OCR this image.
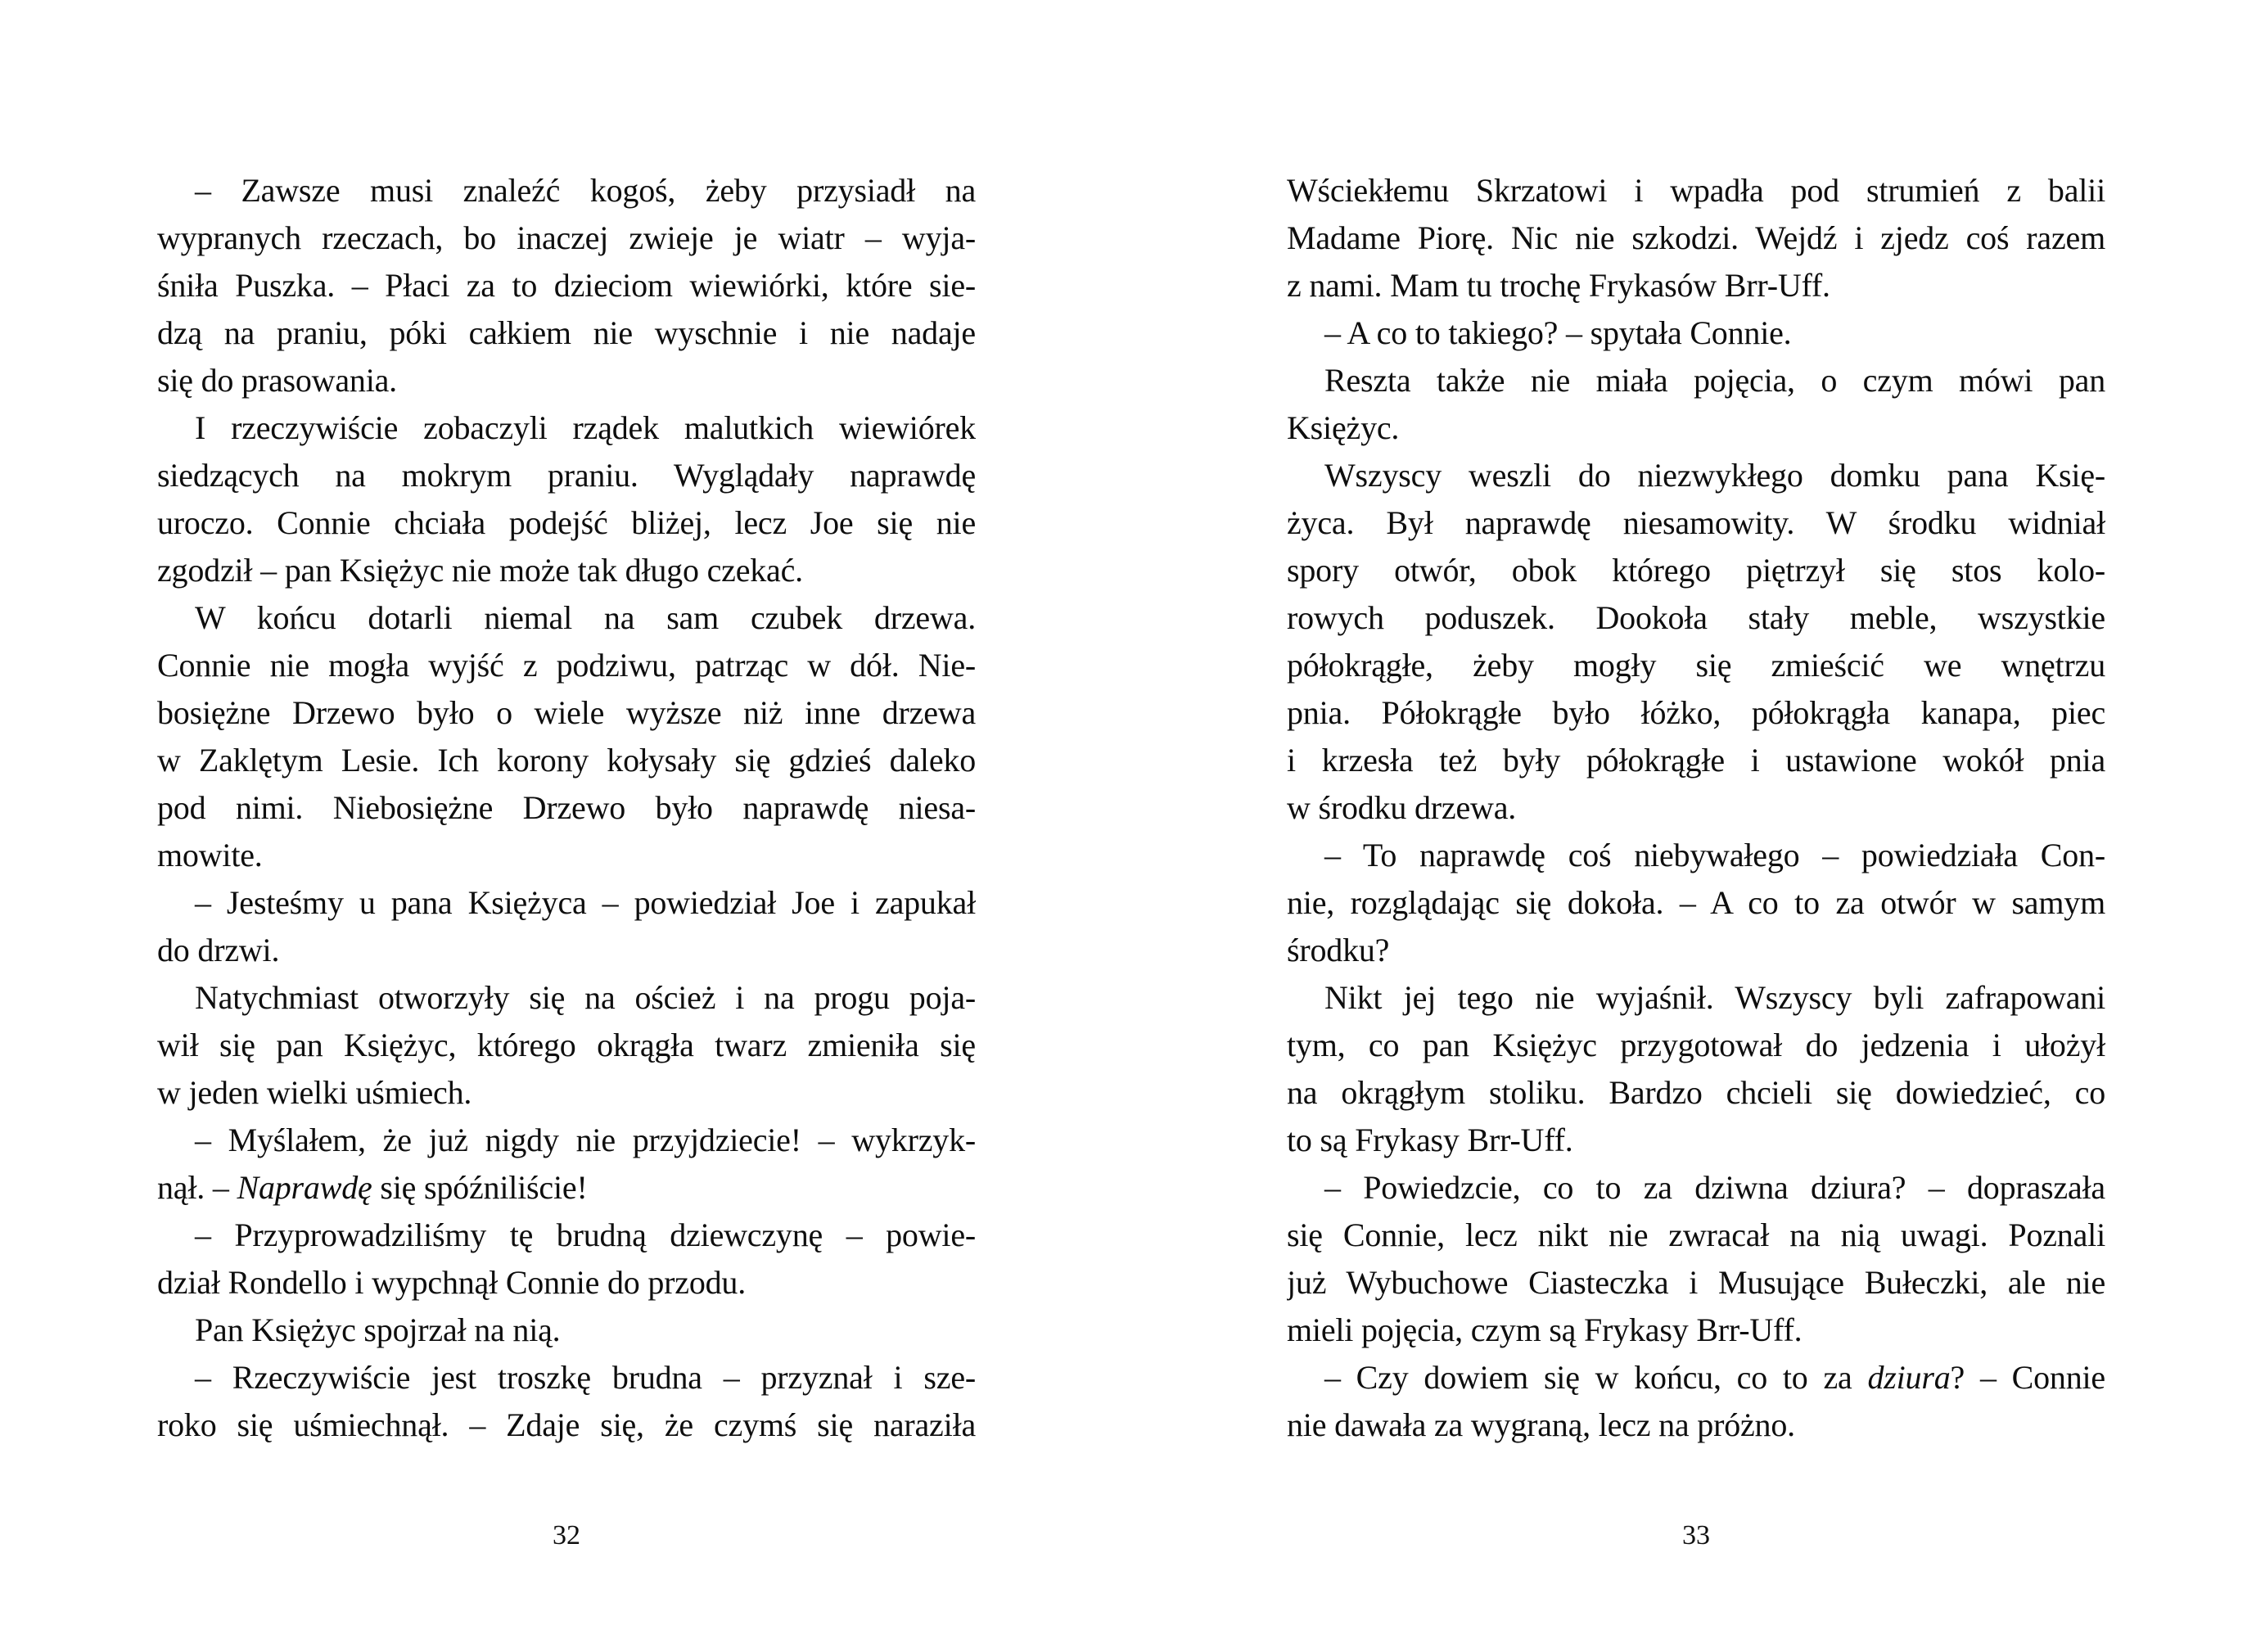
– Zawsze musi znaleźć kogoś, żeby przysiadł na
wypranych rzeczach, bo inaczej zwieje je wiatr – wyja-
śniła Puszka. – Płaci za to dzieciom wiewiórki, które sie-
dzą na praniu, póki całkiem nie wyschnie i nie nadaje
się do prasowania.
I rzeczywiście zobaczyli rządek malutkich wiewiórek
siedzących na mokrym praniu. Wyglądały naprawdę
uroczo. Connie chciała podejść bliżej, lecz Joe się nie
zgodził – pan Księżyc nie może tak długo czekać.
W końcu dotarli niemal na sam czubek drzewa.
Connie nie mogła wyjść z podziwu, patrząc w dół. Nie-
bosiężne Drzewo było o wiele wyższe niż inne drzewa
w Zaklętym Lesie. Ich korony kołysały się gdzieś daleko
pod nimi. Niebosiężne Drzewo było naprawdę niesa-
mowite.
– Jesteśmy u pana Księżyca – powiedział Joe i zapukał
do drzwi.
Natychmiast otworzyły się na oścież i na progu poja-
wił się pan Księżyc, którego okrągła twarz zmieniła się
w jeden wielki uśmiech.
– Myślałem, że już nigdy nie przyjdziecie! – wykrzyk-
nął. – Naprawdę się spóźniliście!
– Przyprowadziliśmy tę brudną dziewczynę – powie-
dział Rondello i wypchnął Connie do przodu.
Pan Księżyc spojrzał na nią.
– Rzeczywiście jest troszkę brudna – przyznał i sze-
roko się uśmiechnął. – Zdaje się, że czymś się naraziła
Wściekłemu Skrzatowi i wpadła pod strumień z balii
Madame Piorę. Nic nie szkodzi. Wejdź i zjedz coś razem
z nami. Mam tu trochę Frykasów Brr-Uff.
– A co to takiego? – spytała Connie.
Reszta także nie miała pojęcia, o czym mówi pan
Księżyc.
Wszyscy weszli do niezwykłego domku pana Księ-
życa. Był naprawdę niesamowity. W środku widniał
spory otwór, obok którego piętrzył się stos kolo-
rowych poduszek. Dookoła stały meble, wszystkie
półokrągłe, żeby mogły się zmieścić we wnętrzu
pnia. Półokrągłe było łóżko, półokrągła kanapa, piec
i krzesła też były półokrągłe i ustawione wokół pnia
w środku drzewa.
– To naprawdę coś niebywałego – powiedziała Con-
nie, rozglądając się dokoła. – A co to za otwór w samym
środku?
Nikt jej tego nie wyjaśnił. Wszyscy byli zafrapowani
tym, co pan Księżyc przygotował do jedzenia i ułożył
na okrągłym stoliku. Bardzo chcieli się dowiedzieć, co
to są Frykasy Brr-Uff.
– Powiedzcie, co to za dziwna dziura? – dopraszała
się Connie, lecz nikt nie zwracał na nią uwagi. Poznali
już Wybuchowe Ciasteczka i Musujące Bułeczki, ale nie
mieli pojęcia, czym są Frykasy Brr-Uff.
– Czy dowiem się w końcu, co to za dziura? – Connie
nie dawała za wygraną, lecz na próżno.
32	33
